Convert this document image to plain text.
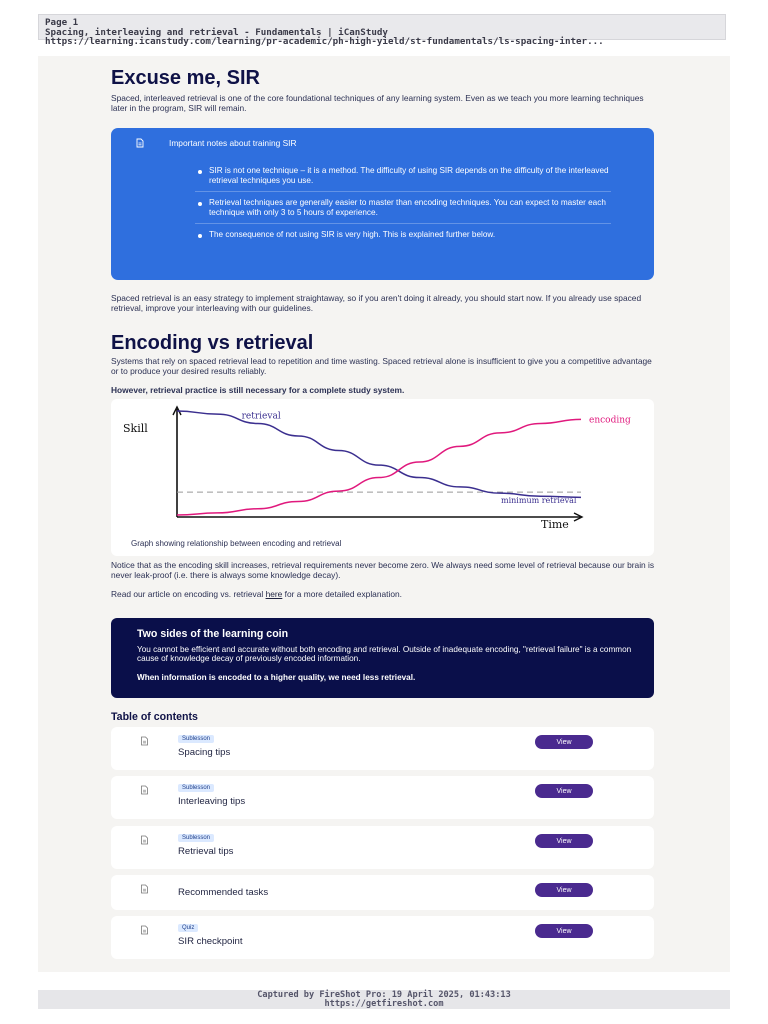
Page 1
Spacing, interleaving and retrieval - Fundamentals | iCanStudy
https://learning.icanstudy.com/learning/pr-academic/ph-high-yield/st-fundamentals/ls-spacing-inter...
Excuse me, SIR

Spaced, interleaved retrieval is one of the core foundational techniques of any learning system. Even as we teach you more learning techniques later in the program, SIR will remain.

Important notes about training SIR
SIR is not one technique – it is a method. The difficulty of using SIR depends on the difficulty of the interleaved retrieval techniques you use.
Retrieval techniques are generally easier to master than encoding techniques. You can expect to master each technique with only 3 to 5 hours of experience.
The consequence of not using SIR is very high. This is explained further below.

Spaced retrieval is an easy strategy to implement straightaway, so if you aren't doing it already, you should start now. If you already use spaced retrieval, improve your interleaving with our guidelines.

Encoding vs retrieval

Systems that rely on spaced retrieval lead to repetition and time wasting. Spaced retrieval alone is insufficient to give you a competitive advantage or to produce your desired results reliably.

However, retrieval practice is still necessary for a complete study system.

Skill
Time
minimum retrieval
retrieval	encoding
Graph showing relationship between encoding and retrieval

Notice that as the encoding skill increases, retrieval requirements never become zero. We always need some level of retrieval because our brain is never leak-proof (i.e. there is always some knowledge decay).

Read our article on encoding vs. retrieval here for a more detailed explanation.

Two sides of the learning coin
You cannot be efficient and accurate without both encoding and retrieval. Outside of inadequate encoding, "retrieval failure" is a common cause of knowledge decay of previously encoded information.
When information is encoded to a higher quality, we need less retrieval.
Table of contents
Sublesson
Spacing tips
View
Sublesson
Interleaving tips
View
Sublesson
Retrieval tips
View
Recommended tasks	View
Quiz
SIR checkpoint
View
Captured by FireShot Pro: 19 April 2025, 01:43:13
https://getfireshot.com
